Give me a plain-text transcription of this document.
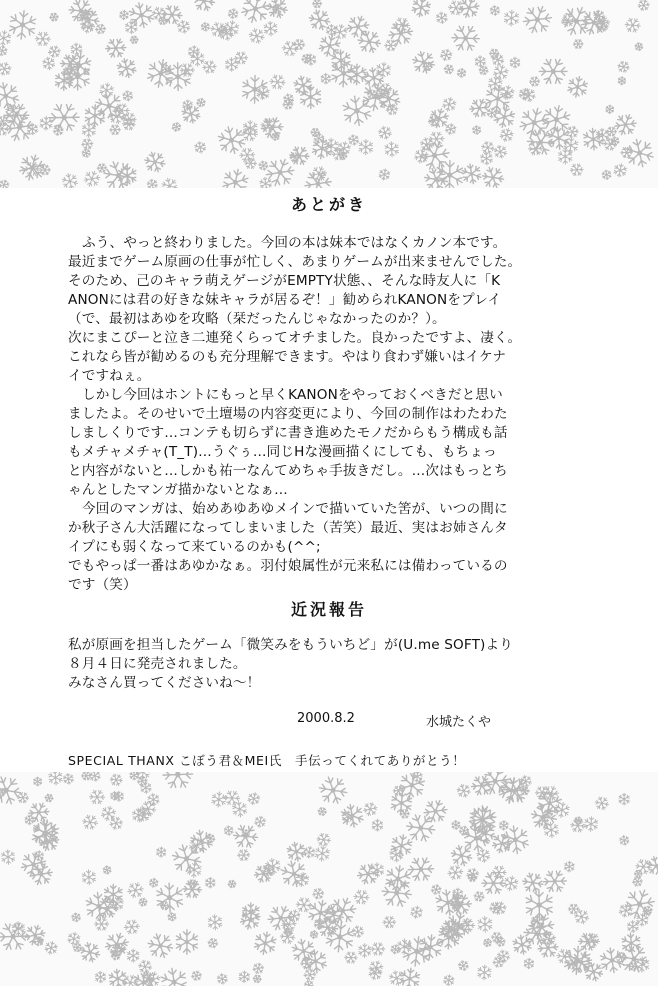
あとがき
ふう、やっと終わりました。今回の本は妹本ではなくカノン本です。
最近までゲーム原画の仕事が忙しく、あまりゲームが出来ませんでした。
そのため、己のキャラ萌えゲージがEMPTY状態、、そんな時友人に「K
ANONには君の好きな妹キャラが居るぞ！」勧められKANONをプレイ
（で、最初はあゆを攻略（栞だったんじゃなかったのか？）。
次にまこぴーと泣き二連発くらってオチました。良かったですよ、凄く。
これなら皆が勧めるのも充分理解できます。やはり食わず嫌いはイケナ
イですねぇ。
しかし今回はホントにもっと早くKANONをやっておくべきだと思い
ましたよ。そのせいで土壇場の内容変更により、今回の制作はわたわた
しましくりです…コンテも切らずに書き進めたモノだからもう構成も話
もメチャメチャ(T_T)…うぐぅ…同じHな漫画描くにしても、もちょっ
と内容がないと…しかも祐一なんてめちゃ手抜きだし。…次はもっとち
ゃんとしたマンガ描かないとなぁ…
今回のマンガは、始めあゆあゆメインで描いていた筈が、いつの間に
か秋子さん大活躍になってしまいました（苦笑）最近、実はお姉さんタ
イプにも弱くなって来ているのかも(^^;
でもやっぱ一番はあゆかなぁ。羽付娘属性が元来私には備わっているの
です（笑）
近況報告
私が原画を担当したゲーム「微笑みをもういちど」が(U.me SOFT)より
８月４日に発売されました。
みなさん買ってくださいね～！
2000.8.2	水城たくや
SPECIAL THANX こぼう君＆MEI氏　手伝ってくれてありがとう！
